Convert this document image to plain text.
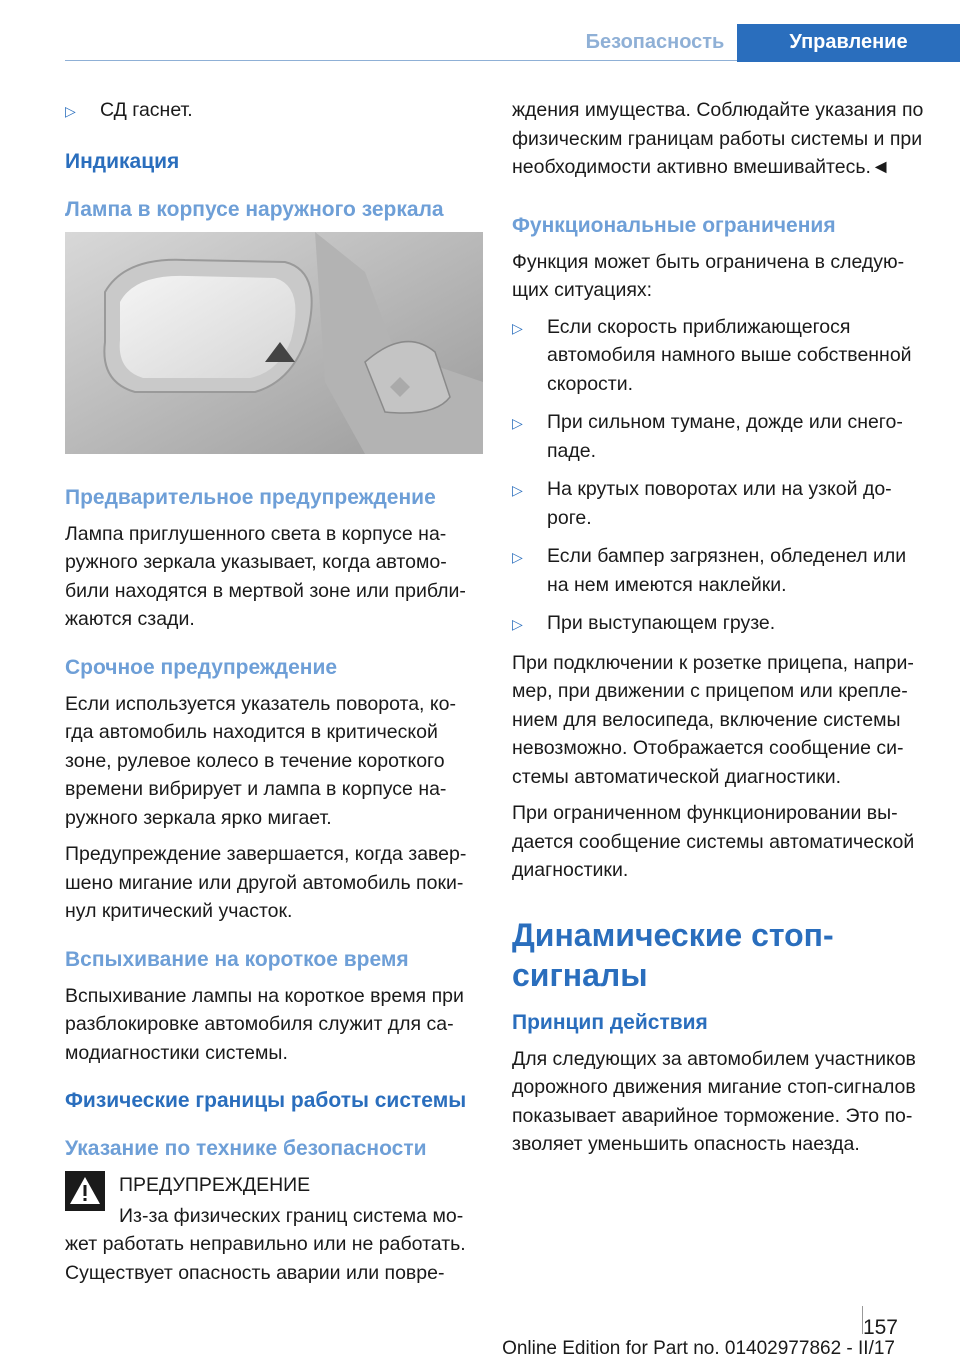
Безопасность	Управление
▷	СД гаснет.
Индикация
Лампа в корпусе наружного зеркала
Предварительное предупреждение

Лампа приглушенного света в корпусе на-ружного зеркала указывает, когда автомо-били находятся в мертвой зоне или прибли-жаются сзади.

Срочное предупреждение

Если используется указатель поворота, ко-гда автомобиль находится в критической зоне, рулевое колесо в течение короткого времени вибрирует и лампа в корпусе на-ружного зеркала ярко мигает.

Предупреждение завершается, когда завер-шено мигание или другой автомобиль поки-нул критический участок.

Вспыхивание на короткое время

Вспыхивание лампы на короткое время при разблокировке автомобиля служит для са-модиагностики системы.

Физические границы работы системы
Указание по технике безопасности

ПРЕДУПРЕЖДЕНИЕ

Из-за физических границ система мо-

жет работать неправильно или не работать. Существует опасность аварии или повре-

ждения имущества. Соблюдайте указания по физическим границам работы системы и при необходимости активно вмешивайтесь.◄

Функциональные ограничения

Функция может быть ограничена в следую-щих ситуациях:

▷	Если скорость приближающегося автомобиля намного выше собственной скорости.
▷	При сильном тумане, дожде или снего-паде.
▷	На крутых поворотах или на узкой до-роге.
▷	Если бампер загрязнен, обледенел или на нем имеются наклейки.
▷	При выступающем грузе.

При подключении к розетке прицепа, напри-мер, при движении с прицепом или крепле-нием для велосипеда, включение системы невозможно. Отображается сообщение си-стемы автоматической диагностики.

При ограниченном функционировании вы-дается сообщение системы автоматической диагностики.

Динамические стоп-сигналы
Принцип действия

Для следующих за автомобилем участников дорожного движения мигание стоп-сигналов показывает аварийное торможение. Это по-зволяет уменьшить опасность наезда.

157
Online Edition for Part no. 01402977862 - II/17
